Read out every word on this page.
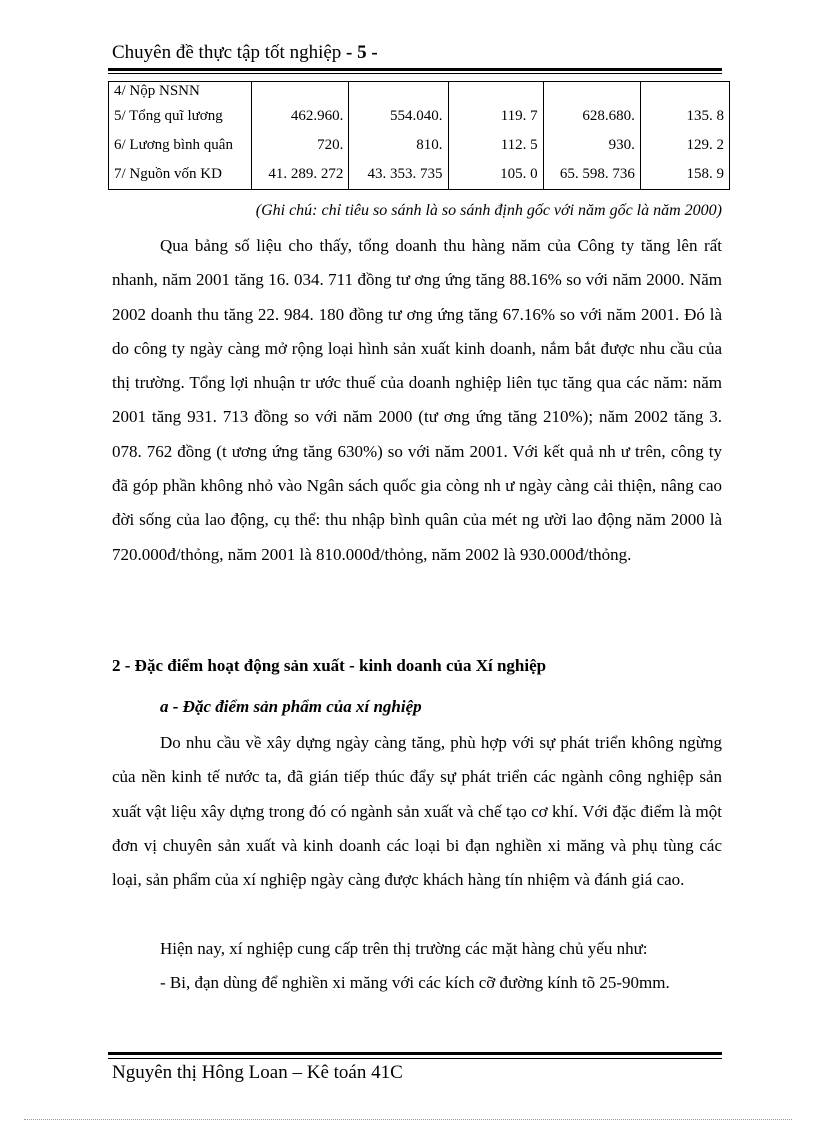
Chuyên đề thực tập tốt nghiệp - 5 -
4/ Nộp NSNN					
5/ Tổng quĩ lương	462.960.	554.040.	119. 7	628.680.	135. 8
6/ Lương bình quân	720.	810.	112. 5	930.	129. 2
7/ Nguồn vốn KD	41. 289. 272	43. 353. 735	105. 0	65. 598. 736	158. 9
(Ghi chú: chỉ tiêu so sánh là so sánh định gốc với năm gốc là năm 2000)

Qua bảng số liệu cho thấy, tổng doanh thu hàng năm của Công ty tăng lên rất nhanh, năm 2001 tăng 16. 034. 711 đồng tư ơng ứng tăng 88.16% so với năm 2000. Năm 2002 doanh thu tăng 22. 984. 180 đồng tư ơng ứng tăng 67.16% so với năm 2001. Đó là do công ty ngày càng mở rộng loại hình sản xuất kinh doanh, nắm bắt được nhu cầu của thị trường. Tổng lợi nhuận tr ước thuế của doanh nghiệp liên tục tăng qua các năm: năm 2001 tăng 931. 713 đồng so với năm 2000 (tư ơng ứng tăng 210%); năm 2002 tăng 3. 078. 762 đồng (t ương ứng tăng 630%) so với năm 2001. Với kết quả nh ư trên, công ty đã góp phần không nhỏ vào Ngân sách quốc gia còng nh ư ngày càng cải thiện, nâng cao đời sống của lao động, cụ thể: thu nhập bình quân của mét ng ười lao động năm 2000 là 720.000đ/thỏng, năm 2001 là 810.000đ/thỏng, năm 2002 là 930.000đ/thỏng.

2 - Đặc điểm hoạt động sản xuất - kinh doanh của Xí nghiệp
a - Đặc điểm sản phẩm của xí nghiệp

Do nhu cầu về xây dựng ngày càng tăng, phù hợp với sự phát triển không ngừng của nền kinh tế nước ta, đã gián tiếp thúc đẩy sự phát triển các ngành công nghiệp sản xuất vật liệu xây dựng trong đó có ngành sản xuất và chế tạo cơ khí. Với đặc điểm là một đơn vị chuyên sản xuất và kinh doanh các loại bi đạn nghiền xi măng và phụ tùng các loại, sản phẩm của xí nghiệp ngày càng được khách hàng tín nhiệm và đánh giá cao.

Hiện nay, xí nghiệp cung cấp trên thị trường các mặt hàng chủ yếu như:
- Bi, đạn dùng để nghiền xi măng với các kích cỡ đường kính tõ 25-90mm.
Nguyên thị Hông Loan – Kê toán 41C
